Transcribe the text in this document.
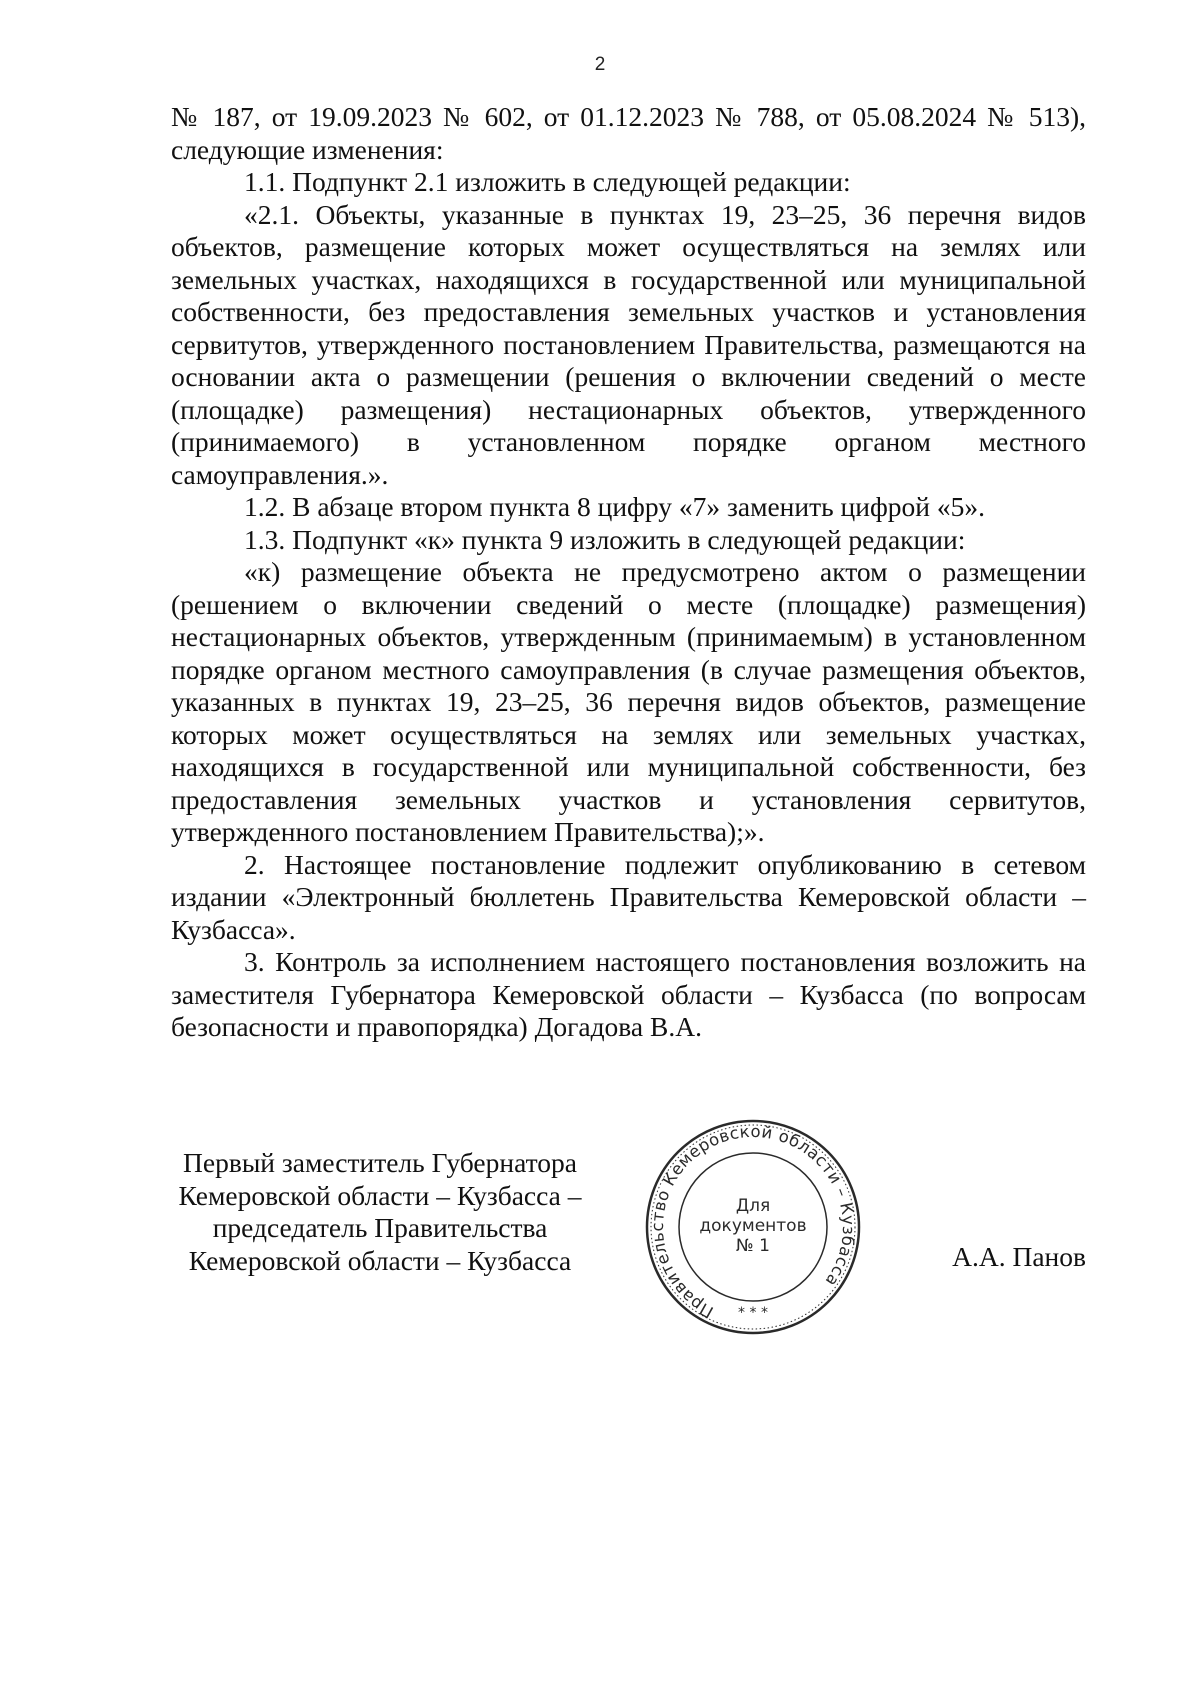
2

№ 187, от 19.09.2023 № 602, от 01.12.2023 № 788, от 05.08.2024 № 513), следующие изменения:

1.1. Подпункт 2.1 изложить в следующей редакции:

«2.1. Объекты, указанные в пунктах 19, 23–25, 36 перечня видов объектов, размещение которых может осуществляться на землях или земельных участках, находящихся в государственной или муниципальной собственности, без предоставления земельных участков и установления сервитутов, утвержденного постановлением Правительства, размещаются на основании акта о размещении (решения о включении сведений о месте (площадке) размещения) нестационарных объектов, утвержденного (принимаемого) в установленном порядке органом местного самоуправления.».

1.2. В абзаце втором пункта 8 цифру «7» заменить цифрой «5».

1.3. Подпункт «к» пункта 9 изложить в следующей редакции:

«к) размещение объекта не предусмотрено актом о размещении (решением о включении сведений о месте (площадке) размещения) нестационарных объектов, утвержденным (принимаемым) в установленном порядке органом местного самоуправления (в случае размещения объектов, указанных в пунктах 19, 23–25, 36 перечня видов объектов, размещение которых может осуществляться на землях или земельных участках, находящихся в государственной или муниципальной собственности, без предоставления земельных участков и установления сервитутов, утвержденного постановлением Правительства);».

2. Настоящее постановление подлежит опубликованию в сетевом издании «Электронный бюллетень Правительства Кемеровской области – Кузбасса».

3. Контроль за исполнением настоящего постановления возложить на заместителя Губернатора Кемеровской области – Кузбасса (по вопросам безопасности и правопорядка) Догадова В.А.

Первый заместитель Губернатора
Кемеровской области – Кузбасса –
председатель Правительства
Кемеровской области – Кузбасса
Правительство Кемеровской области – Кузбасса
Для
документов
№ 1
* * *
А.А. Панов
